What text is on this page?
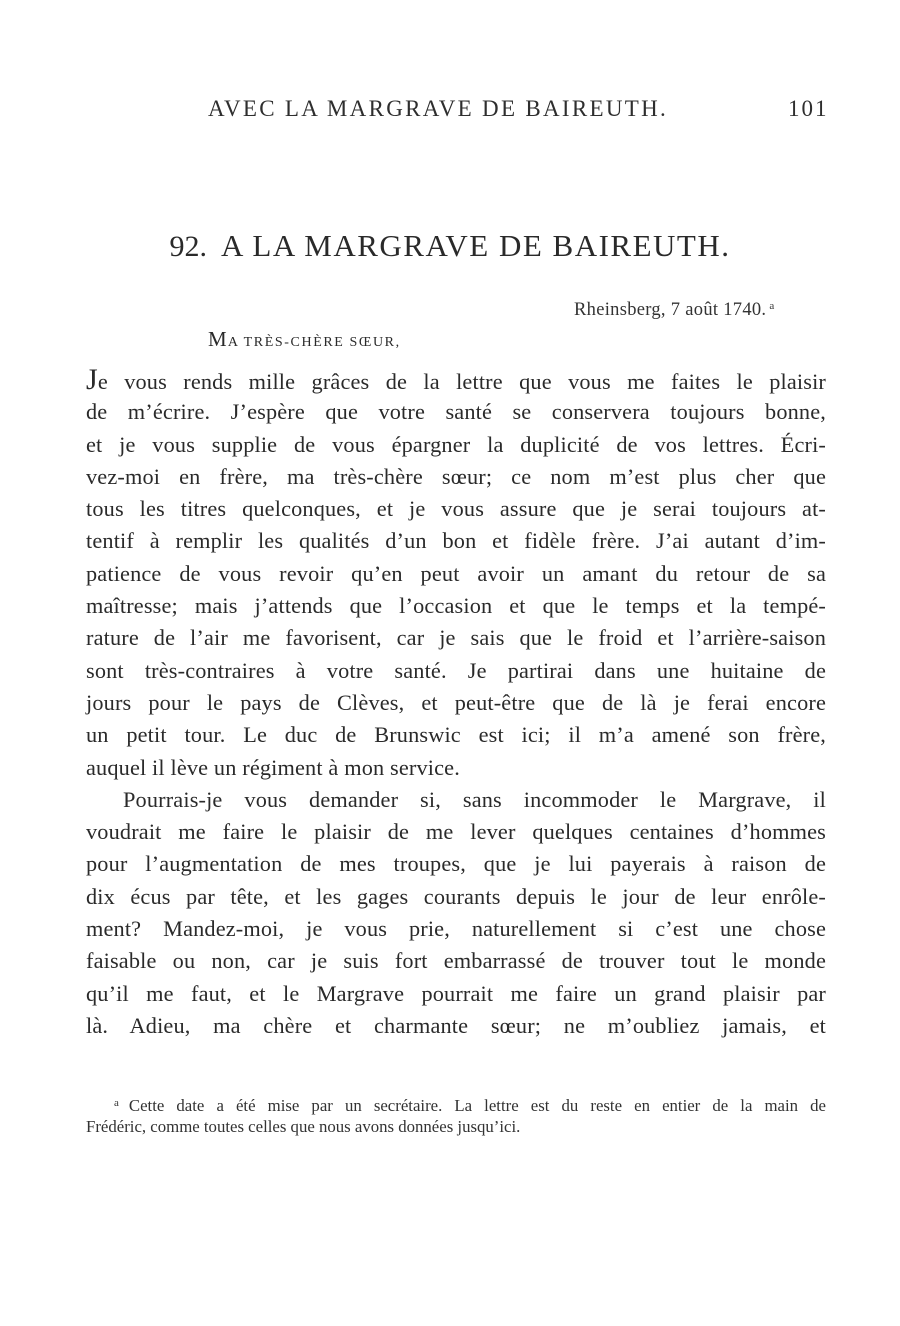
AVEC LA MARGRAVE DE BAIREUTH.	101
92. A LA MARGRAVE DE BAIREUTH.
Rheinsberg, 7 août 1740. $^a$
MA TRÈS-CHÈRE SŒUR,
Je vous rends mille grâces de la lettre que vous me faites le plaisir
de m’écrire. J’espère que votre santé se conservera toujours bonne,
et je vous supplie de vous épargner la duplicité de vos lettres. Écri-
vez-moi en frère, ma très-chère sœur; ce nom m’est plus cher que
tous les titres quelconques, et je vous assure que je serai toujours at-
tentif à remplir les qualités d’un bon et fidèle frère. J’ai autant d’im-
patience de vous revoir qu’en peut avoir un amant du retour de sa
maîtresse; mais j’attends que l’occasion et que le temps et la tempé-
rature de l’air me favorisent, car je sais que le froid et l’arrière-saison
sont très-contraires à votre santé. Je partirai dans une huitaine de
jours pour le pays de Clèves, et peut-être que de là je ferai encore
un petit tour. Le duc de Brunswic est ici; il m’a amené son frère,
auquel il lève un régiment à mon service.
Pourrais-je vous demander si, sans incommoder le Margrave, il
voudrait me faire le plaisir de me lever quelques centaines d’hommes
pour l’augmentation de mes troupes, que je lui payerais à raison de
dix écus par tête, et les gages courants depuis le jour de leur enrôle-
ment? Mandez-moi, je vous prie, naturellement si c’est une chose
faisable ou non, car je suis fort embarrassé de trouver tout le monde
qu’il me faut, et le Margrave pourrait me faire un grand plaisir par
là. Adieu, ma chère et charmante sœur; ne m’oubliez jamais, et
$^a$ Cette date a été mise par un secrétaire. La lettre est du reste en entier de la main de
Frédéric, comme toutes celles que nous avons données jusqu’ici.
